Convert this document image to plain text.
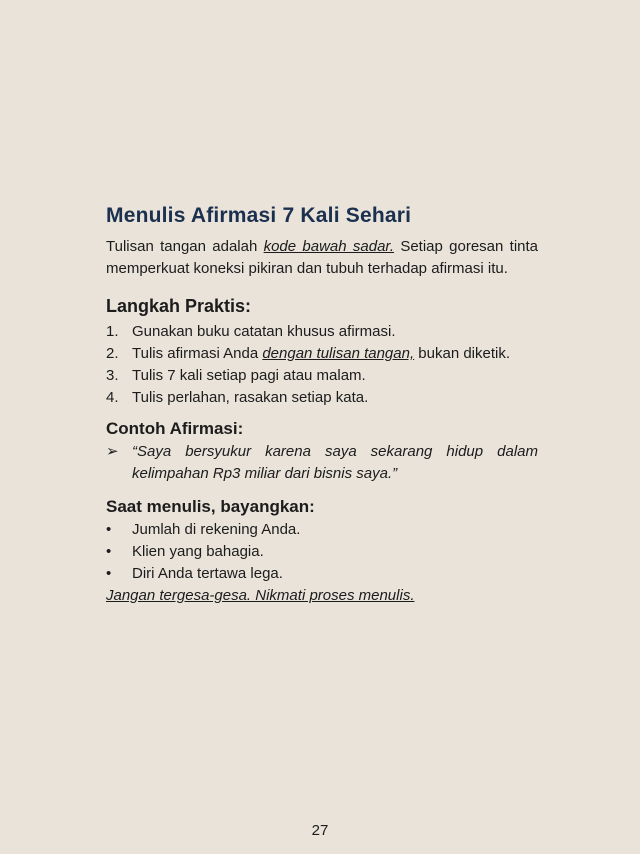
Menulis Afirmasi 7 Kali Sehari

Tulisan tangan adalah kode bawah sadar. Setiap goresan tinta memperkuat koneksi pikiran dan tubuh terhadap afirmasi itu.

Langkah Praktis:
1. Gunakan buku catatan khusus afirmasi.
2. Tulis afirmasi Anda dengan tulisan tangan, bukan diketik.
3. Tulis 7 kali setiap pagi atau malam.
4. Tulis perlahan, rasakan setiap kata.
Contoh Afirmasi:
➢ “Saya bersyukur karena saya sekarang hidup dalam kelimpahan Rp3 miliar dari bisnis saya.”
Saat menulis, bayangkan:
•	Jumlah di rekening Anda.
•	Klien yang bahagia.
•	Diri Anda tertawa lega.

Jangan tergesa-gesa. Nikmati proses menulis.

27
